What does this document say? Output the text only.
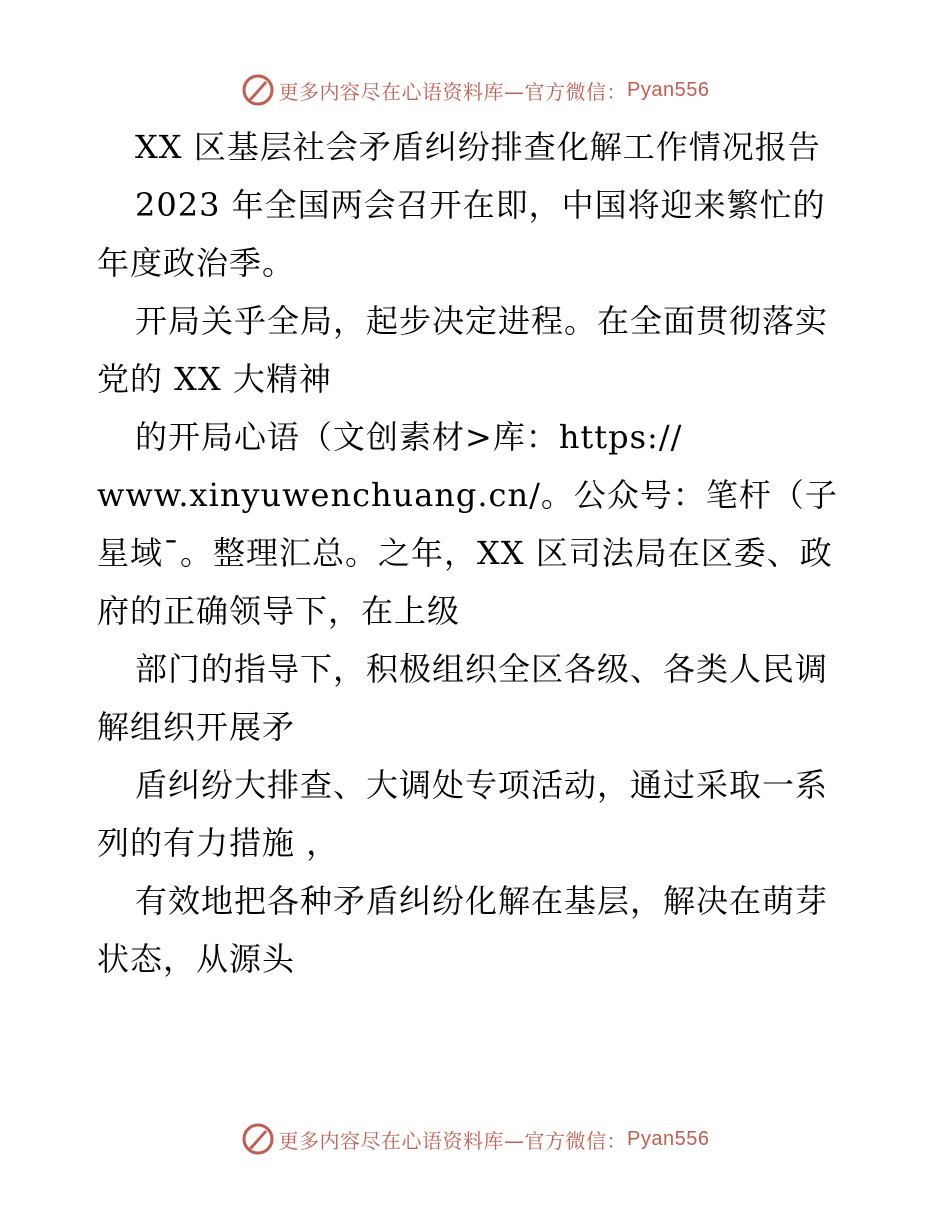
更多内容尽在心语资料库—官方微信： Pyan556

XX 区基层社会矛盾纠纷排查化解工作情况报告

2023 年全国两会召开在即，中国将迎来繁忙的年度政治季。

开局关乎全局，起步决定进程。在全面贯彻落实党的 XX 大精神

的开局心语（文创素材>库：https://

www.xinyuwenchuang.cn/。公众号：笔杆（子星域¯。整理汇总。之年，XX 区司法局在区委、政府的正确领导下，在上级

部门的指导下，积极组织全区各级、各类人民调解组织开展矛

盾纠纷大排查、大调处专项活动，通过采取一系列的有力措施 ，

有效地把各种矛盾纠纷化解在基层，解决在萌芽状态，从源头

更多内容尽在心语资料库—官方微信： Pyan556
